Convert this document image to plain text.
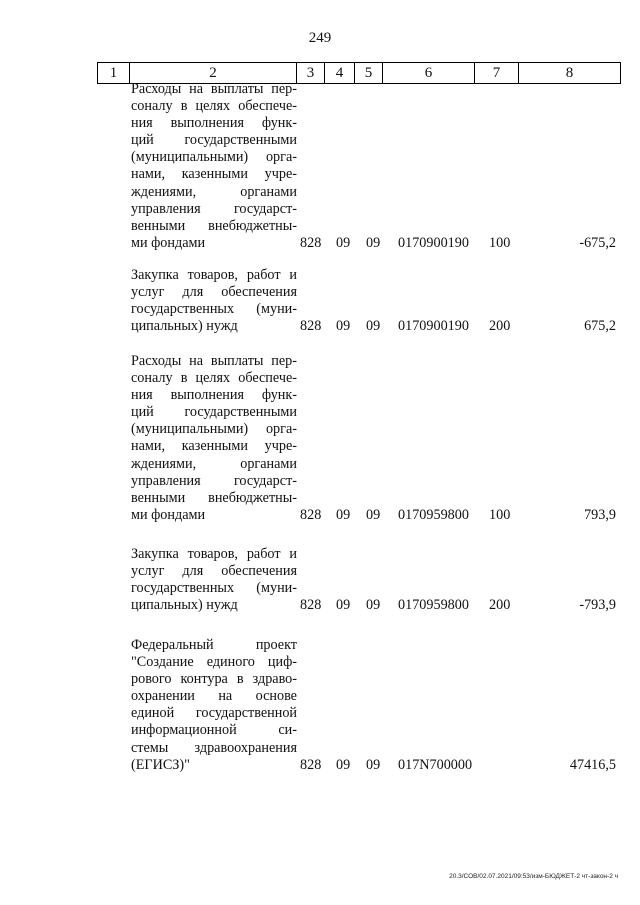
249
1	2	3	4	5	6	7	8
Расходы на выплаты пер-
соналу в целях обеспече-
ния выполнения функ-
ций государственными
(муниципальными) орга-
нами, казенными учре-
ждениями, органами
управления государст-
венными внебюджетны-
ми фондами	828 09 09 0170900190 100	-675,2
Закупка товаров, работ и
услуг для обеспечения
государственных (муни-
ципальных) нужд	828 09 09 0170900190 200	675,2
Расходы на выплаты пер-
соналу в целях обеспече-
ния выполнения функ-
ций государственными
(муниципальными) орга-
нами, казенными учре-
ждениями, органами
управления государст-
венными внебюджетны-
ми фондами	828 09 09 0170959800 100	793,9
Закупка товаров, работ и
услуг для обеспечения
государственных (муни-
ципальных) нужд	828 09 09 0170959800 200	-793,9
Федеральный проект
"Создание единого циф-
рового контура в здраво-
охранении на основе
единой государственной
информационной си-
стемы здравоохранения
(ЕГИСЗ)"	828 09 09 017N700000	47416,5
20.3/СОВ/02.07.2021/09:53/изм-БЮДЖЕТ-2 чт-закон-2 ч
